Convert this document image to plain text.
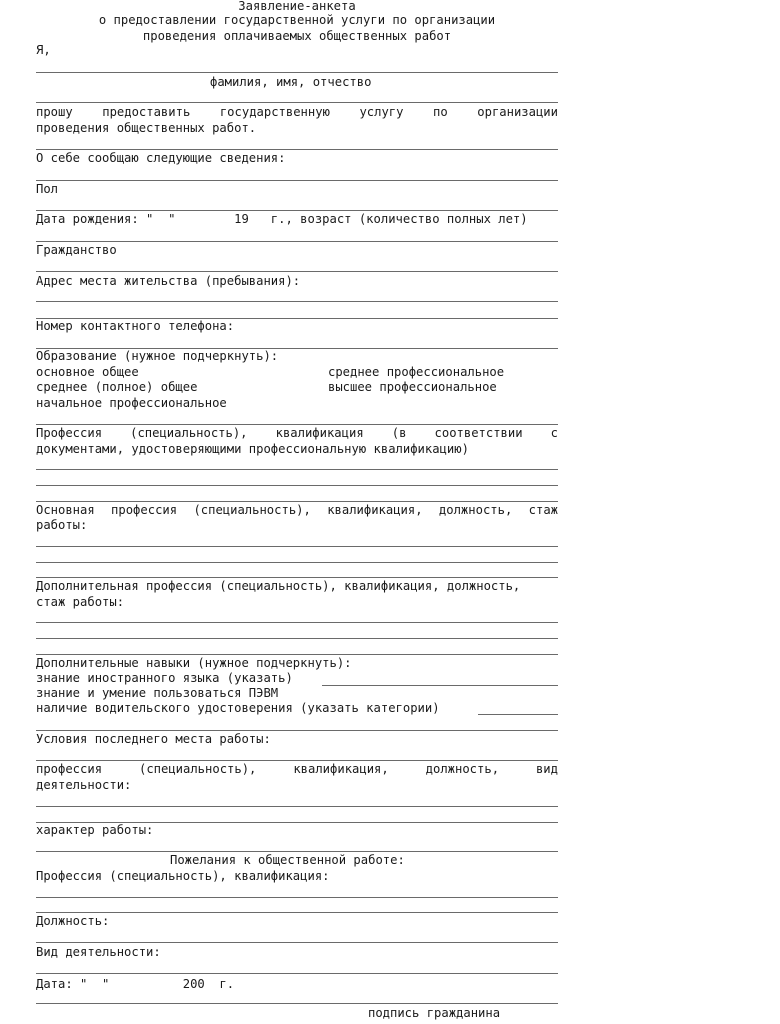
Заявление-анкета
о предоставлении государственной услуги по организации
проведения оплачиваемых общественных работ
Я,
фамилия, имя, отчество
прошу предоставить государственную услугу по организации
проведения общественных работ.
О себе сообщаю следующие сведения:
Пол
Дата рождения: "  "        19   г., возраст (количество полных лет)
Гражданство
Адрес места жительства (пребывания):
Номер контактного телефона:
Образование (нужное подчеркнуть):
основное общее	среднее профессиональное
среднее (полное) общее	высшее профессиональное
начальное профессиональное
Профессия (специальность), квалификация (в соответствии с
документами, удостоверяющими профессиональную квалификацию)
Основная профессия (специальность), квалификация, должность, стаж
работы:
Дополнительная профессия (специальность), квалификация, должность,
стаж работы:
Дополнительные навыки (нужное подчеркнуть):
знание иностранного языка (указать)
знание и умение пользоваться ПЭВМ
наличие водительского удостоверения (указать категории)
Условия последнего места работы:
профессия	(специальность),	квалификация,	должность,	вид
деятельности:
характер работы:
Пожелания к общественной работе:
Профессия (специальность), квалификация:
Должность:
Вид деятельности:
Дата: "  "          200  г.
подпись гражданина
